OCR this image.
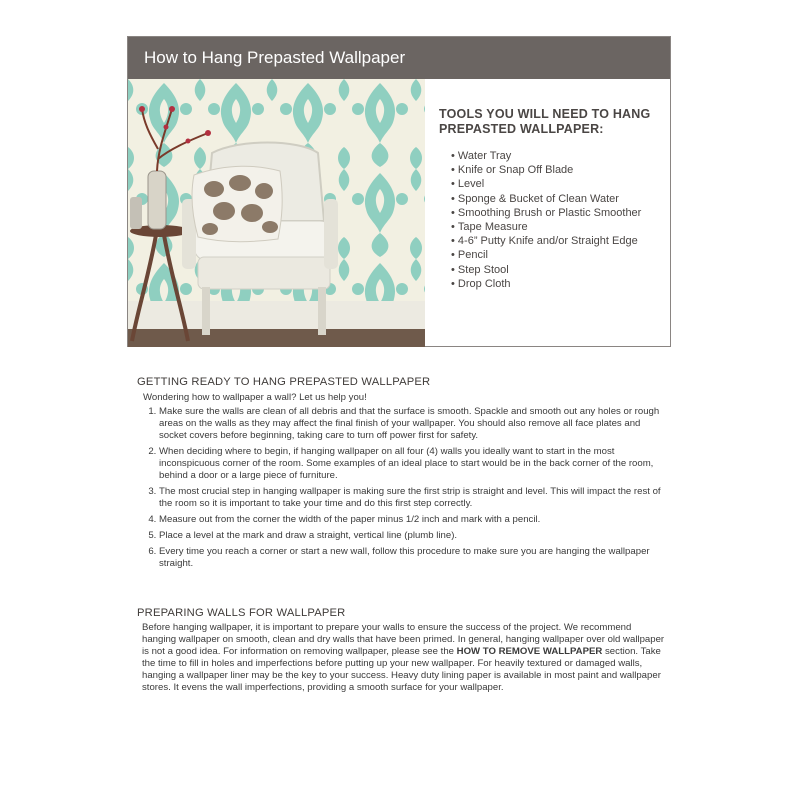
How to Hang Prepasted Wallpaper
TOOLS YOU WILL NEED TO HANG PREPASTED WALLPAPER:
• Water Tray
• Knife or Snap Off Blade
• Level
• Sponge & Bucket of Clean Water
• Smoothing Brush or Plastic Smoother
• Tape Measure
• 4-6” Putty Knife and/or Straight Edge
• Pencil
• Step Stool
• Drop Cloth
GETTING READY TO HANG PREPASTED WALLPAPER
Wondering how to wallpaper a wall? Let us help you!
1. Make sure the walls are clean of all debris and that the surface is smooth. Spackle and smooth out any holes or rough areas on the walls as they may affect the final finish of your wallpaper. You should also remove all face plates and socket covers before beginning, taking care to turn off power first for safety.
2. When deciding where to begin, if hanging wallpaper on all four (4) walls you ideally want to start in the most inconspicuous corner of the room. Some examples of an ideal place to start would be in the back corner of the room, behind a door or a large piece of furniture.
3. The most crucial step in hanging wallpaper is making sure the first strip is straight and level. This will impact the rest of the room so it is important to take your time and do this first step correctly.
4. Measure out from the corner the width of the paper minus 1/2 inch and mark with a pencil.
5. Place a level at the mark and draw a straight, vertical line (plumb line).
6. Every time you reach a corner or start a new wall, follow this procedure to make sure you are hanging the wallpaper straight.
PREPARING WALLS FOR WALLPAPER
Before hanging wallpaper, it is important to prepare your walls to ensure the success of the project. We recommend hanging wallpaper on smooth, clean and dry walls that have been primed. In general, hanging wallpaper over old wallpaper is not a good idea. For information on removing wallpaper, please see the HOW TO REMOVE WALLPAPER section. Take the time to fill in holes and imperfections before putting up your new wallpaper. For heavily textured or damaged walls, hanging a wallpaper liner may be the key to your success. Heavy duty lining paper is available in most paint and wallpaper stores. It evens the wall imperfections, providing a smooth surface for your wallpaper.
